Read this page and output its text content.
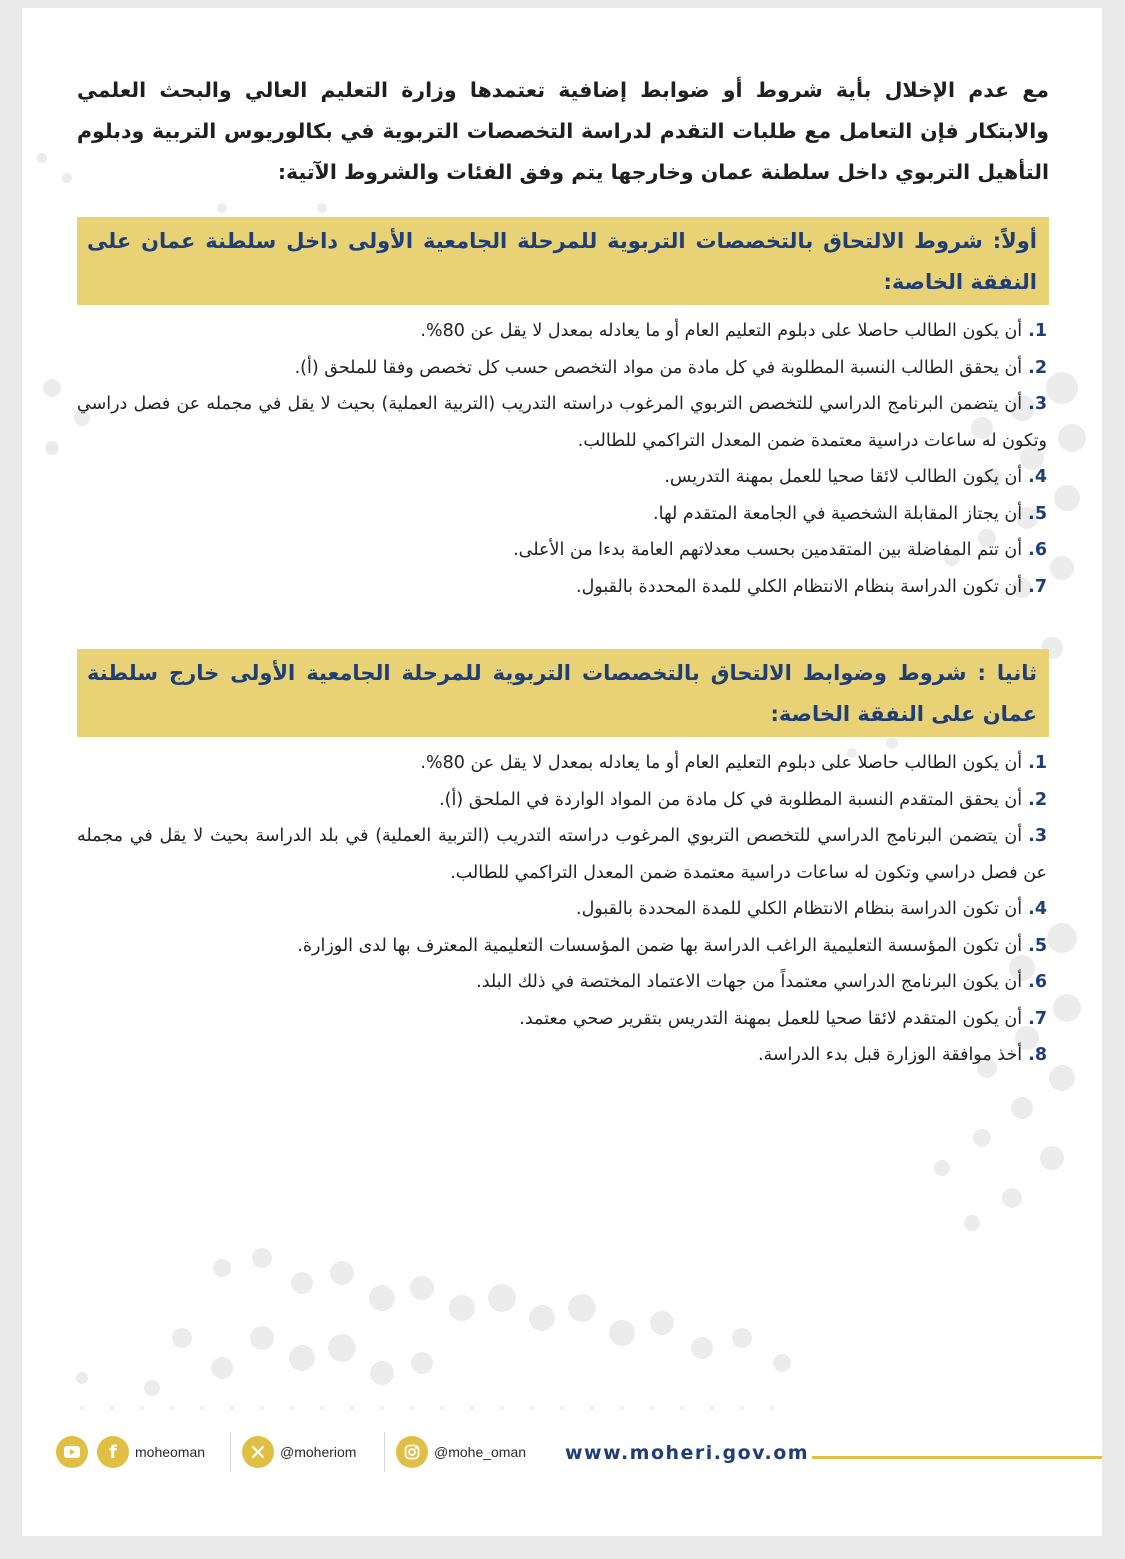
مع عدم الإخلال بأية شروط أو ضوابط إضافية تعتمدها وزارة التعليم العالي والبحث العلمي والابتكار فإن التعامل مع طلبات التقدم لدراسة التخصصات التربوية في بكالوريوس التربية ودبلوم التأهيل التربوي داخل سلطنة عمان وخارجها يتم وفق الفئات والشروط الآتية:

أولاً: شروط الالتحاق بالتخصصات التربوية للمرحلة الجامعية الأولى داخل سلطنة عمان على النفقة الخاصة:
1.أن يكون الطالب حاصلا على دبلوم التعليم العام أو ما يعادله بمعدل لا يقل عن 80%.
2.أن يحقق الطالب النسبة المطلوبة في كل مادة من مواد التخصص حسب كل تخصص وفقا للملحق (أ).
3.أن يتضمن البرنامج الدراسي للتخصص التربوي المرغوب دراسته التدريب (التربية العملية) بحيث لا يقل في مجمله عن فصل دراسي وتكون له ساعات دراسية معتمدة ضمن المعدل التراكمي للطالب.
4.أن يكون الطالب لائقا صحيا للعمل بمهنة التدريس.
5.أن يجتاز المقابلة الشخصية في الجامعة المتقدم لها.
6.أن تتم المفاضلة بين المتقدمين بحسب معدلاتهم العامة بدءا من الأعلى.
7.أن تكون الدراسة بنظام الانتظام الكلي للمدة المحددة بالقبول.
ثانيا : شروط وضوابط الالتحاق بالتخصصات التربوية للمرحلة الجامعية الأولى خارج سلطنة عمان على النفقة الخاصة:
1.أن يكون الطالب حاصلا على دبلوم التعليم العام أو ما يعادله بمعدل لا يقل عن 80%.
2.أن يحقق المتقدم النسبة المطلوبة في كل مادة من المواد الواردة في الملحق (أ).
3.أن يتضمن البرنامج الدراسي للتخصص التربوي المرغوب دراسته التدريب (التربية العملية) في بلد الدراسة بحيث لا يقل في مجمله عن فصل دراسي وتكون له ساعات دراسية معتمدة ضمن المعدل التراكمي للطالب.
4.أن تكون الدراسة بنظام الانتظام الكلي للمدة المحددة بالقبول.
5.أن تكون المؤسسة التعليمية الراغب الدراسة بها ضمن المؤسسات التعليمية المعترف بها لدى الوزارة.
6.أن يكون البرنامج الدراسي معتمداً من جهات الاعتماد المختصة في ذلك البلد.
7.أن يكون المتقدم لائقا صحيا للعمل بمهنة التدريس بتقرير صحي معتمد.
8.أخذ موافقة الوزارة قبل بدء الدراسة.
f	moheoman	@moheriom	@mohe_oman www.moheri.gov.om
